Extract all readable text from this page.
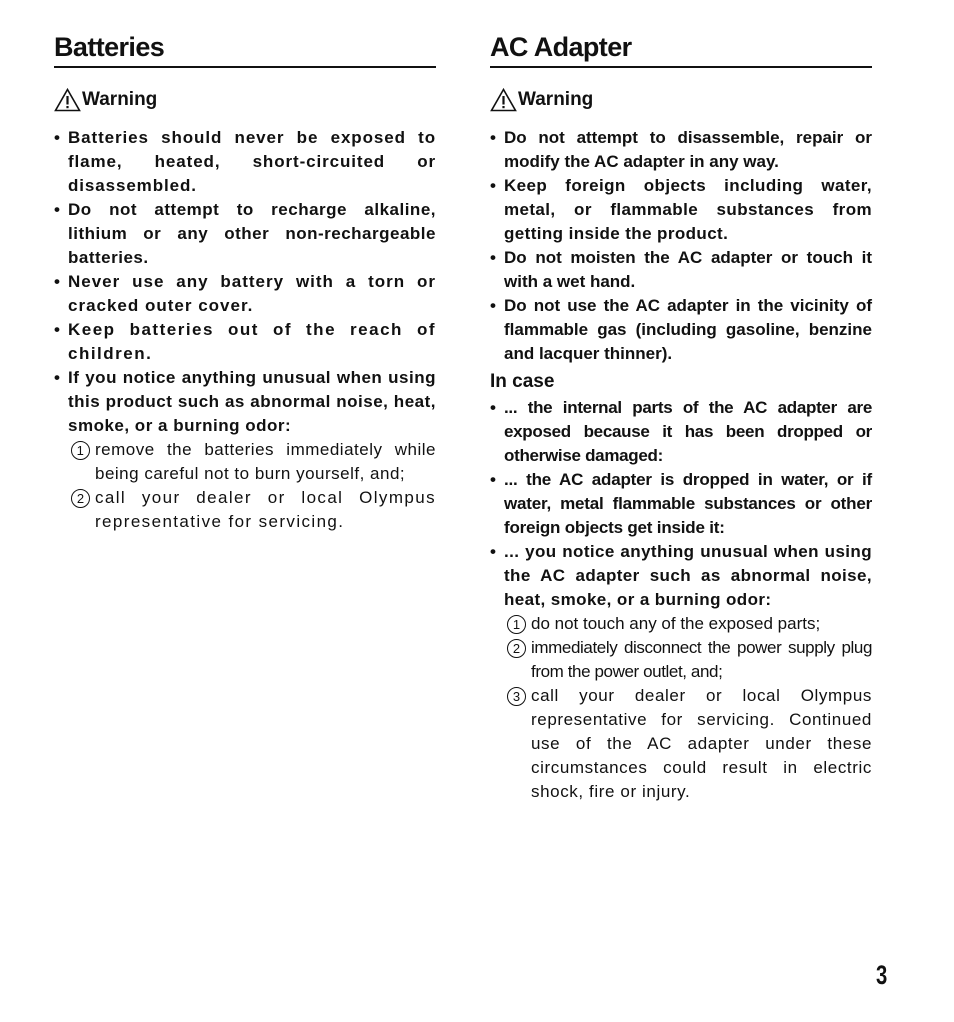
Batteries
Warning
• Batteries should never be exposed to flame, heated, short-circuited or disassembled.
• Do not attempt to recharge alkaline, lithium or any other non-rechargeable batteries.
• Never use any battery with a torn or cracked outer cover.
• Keep batteries out of the reach of children.
• If you notice anything unusual when using this product such as abnormal noise, heat, smoke, or a burning odor:
1 remove the batteries immediately while being careful not to burn yourself, and;
2 call your dealer or local Olympus representative for servicing.
AC Adapter
Warning
• Do not attempt to disassemble, repair or modify the AC adapter in any way.
• Keep foreign objects including water, metal, or flammable substances from getting inside the product.
• Do not moisten the AC adapter or touch it with a wet hand.
• Do not use the AC adapter in the vicinity of flammable gas (including gasoline, benzine and lacquer thinner).
In case
• ... the internal parts of the AC adapter are exposed because it has been dropped or otherwise damaged:
• ... the AC adapter is dropped in water, or if water, metal flammable substances or other foreign objects get inside it:
• ... you notice anything unusual when using the AC adapter such as abnormal noise, heat, smoke, or a burning odor:
1 do not touch any of the exposed parts;
2 immediately disconnect the power supply plug from the power outlet, and;
3 call your dealer or local Olympus representative for servicing. Continued use of the AC adapter under these circumstances could result in electric shock, fire or injury.
3
